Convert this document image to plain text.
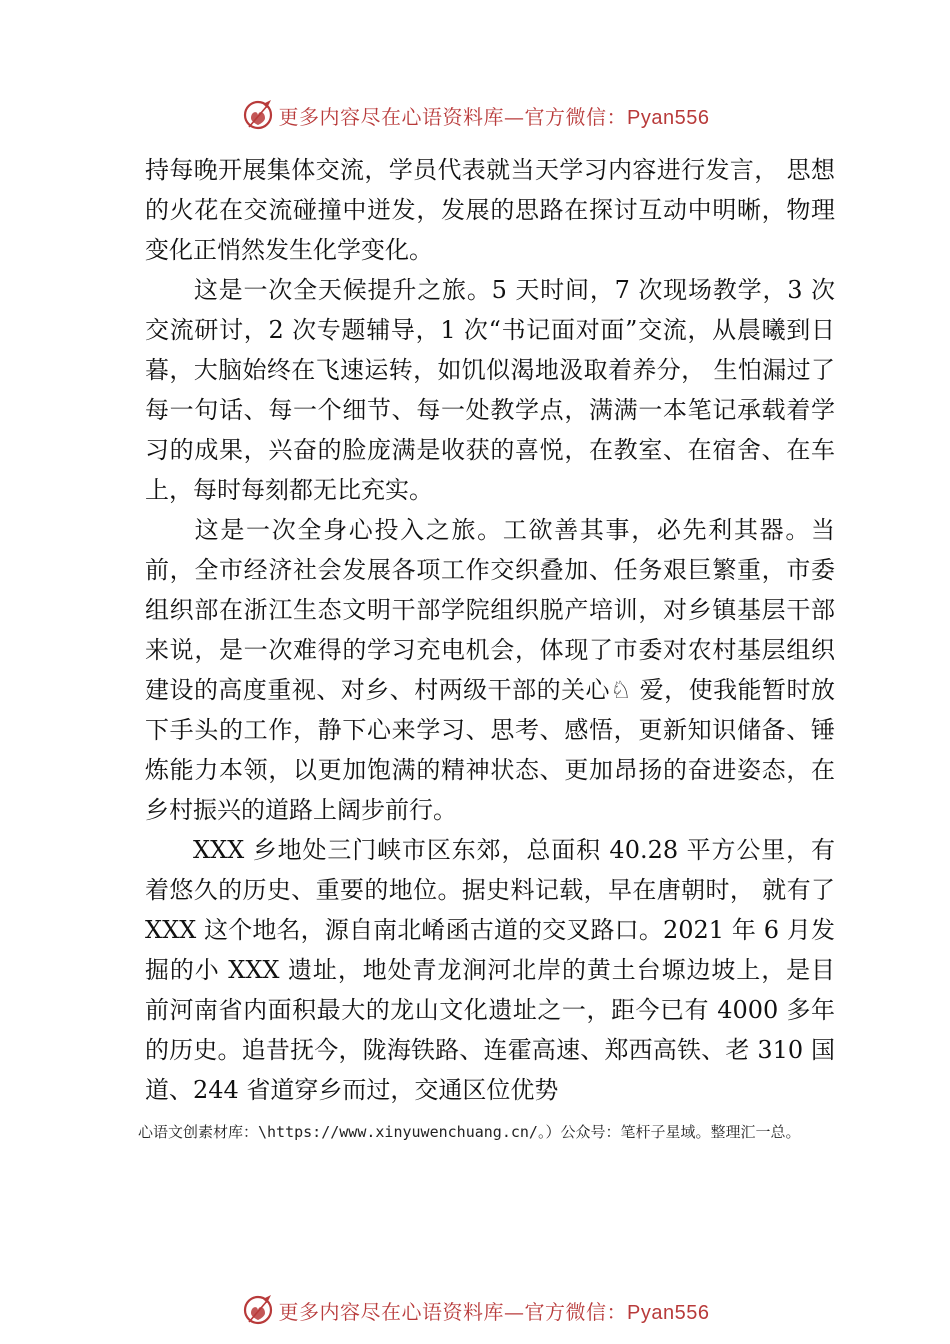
更多内容尽在心语资料库—官方微信：Pyan556

持每晚开展集体交流，学员代表就当天学习内容进行发言， 思想的火花在交流碰撞中迸发，发展的思路在探讨互动中明晰，物理变化正悄然发生化学变化。

这是一次全天候提升之旅。5 天时间，7 次现场教学，3 次交流研讨，2 次专题辅导，1 次“书记面对面”交流，从晨曦到日暮，大脑始终在飞速运转，如饥似渴地汲取着养分， 生怕漏过了每一句话、每一个细节、每一处教学点，满满一本笔记承载着学习的成果，兴奋的脸庞满是收获的喜悦，在教室、在宿舍、在车上，每时每刻都无比充实。

这是一次全身心投入之旅。工欲善其事，必先利其器。当前，全市经济社会发展各项工作交织叠加、任务艰巨繁重，市委组织部在浙江生态文明干部学院组织脱产培训，对乡镇基层干部来说，是一次难得的学习充电机会，体现了市委对农村基层组织建设的高度重视、对乡、村两级干部的关心♘ 爱，使我能暂时放下手头的工作，静下心来学习、思考、感悟，更新知识储备、锤炼能力本领，以更加饱满的精神状态、更加昂扬的奋进姿态，在乡村振兴的道路上阔步前行。

XXX 乡地处三门峡市区东郊，总面积 40.28 平方公里，有着悠久的历史、重要的地位。据史料记载，早在唐朝时， 就有了 XXX 这个地名，源自南北崤函古道的交叉路口。2021 年 6 月发掘的小 XXX 遗址，地处青龙涧河北岸的黄土台塬边坡上，是目前河南省内面积最大的龙山文化遗址之一，距今已有 4000 多年的历史。追昔抚今，陇海铁路、连霍高速、郑西高铁、老 310 国道、244 省道穿乡而过，交通区位优势

心语文创素材库：\https://www.xinyuwenchuang.cn/。）公众号：笔杆子星域。整理汇一总。
更多内容尽在心语资料库—官方微信：Pyan556
